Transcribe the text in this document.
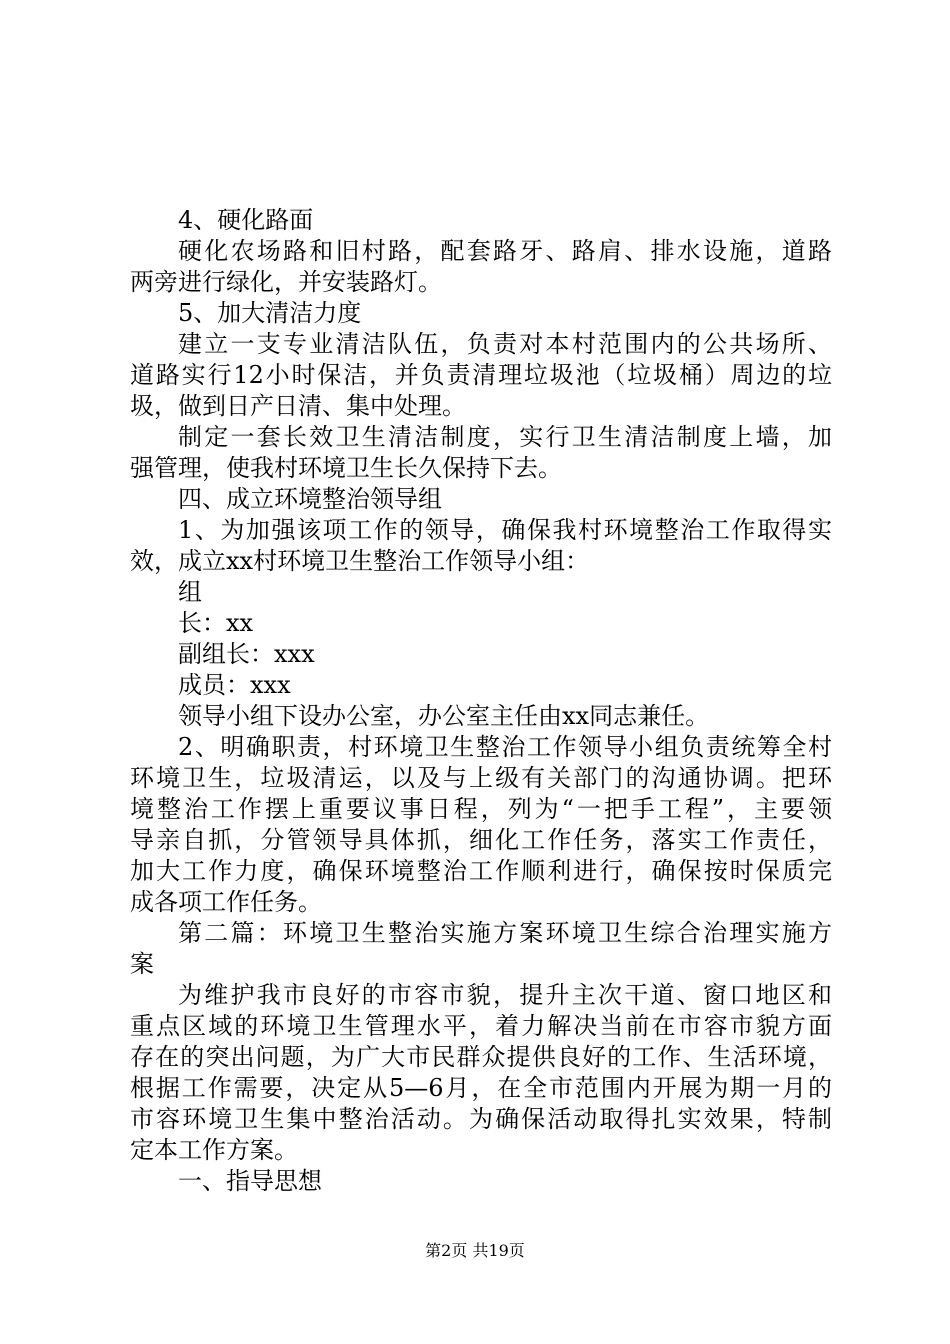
4、硬化路面
硬化农场路和旧村路，配套路牙、路肩、排水设施，道路
两旁进行绿化，并安装路灯。
5、加大清洁力度
建立一支专业清洁队伍，负责对本村范围内的公共场所、
道路实行12小时保洁，并负责清理垃圾池（垃圾桶）周边的垃
圾，做到日产日清、集中处理。
制定一套长效卫生清洁制度，实行卫生清洁制度上墙，加
强管理，使我村环境卫生长久保持下去。
四、成立环境整治领导组
1、为加强该项工作的领导，确保我村环境整治工作取得实
效，成立xx村环境卫生整治工作领导小组：
组
长：xx
副组长：xxx
成员：xxx
领导小组下设办公室，办公室主任由xx同志兼任。
2、明确职责，村环境卫生整治工作领导小组负责统筹全村
环境卫生，垃圾清运，以及与上级有关部门的沟通协调。把环
境整治工作摆上重要议事日程，列为“一把手工程”，主要领
导亲自抓，分管领导具体抓，细化工作任务，落实工作责任，
加大工作力度，确保环境整治工作顺利进行，确保按时保质完
成各项工作任务。
第二篇：环境卫生整治实施方案环境卫生综合治理实施方
案
为维护我市良好的市容市貌，提升主次干道、窗口地区和
重点区域的环境卫生管理水平，着力解决当前在市容市貌方面
存在的突出问题，为广大市民群众提供良好的工作、生活环境，
根据工作需要，决定从5—6月，在全市范围内开展为期一月的
市容环境卫生集中整治活动。为确保活动取得扎实效果，特制
定本工作方案。
一、指导思想
第2页 共19页
